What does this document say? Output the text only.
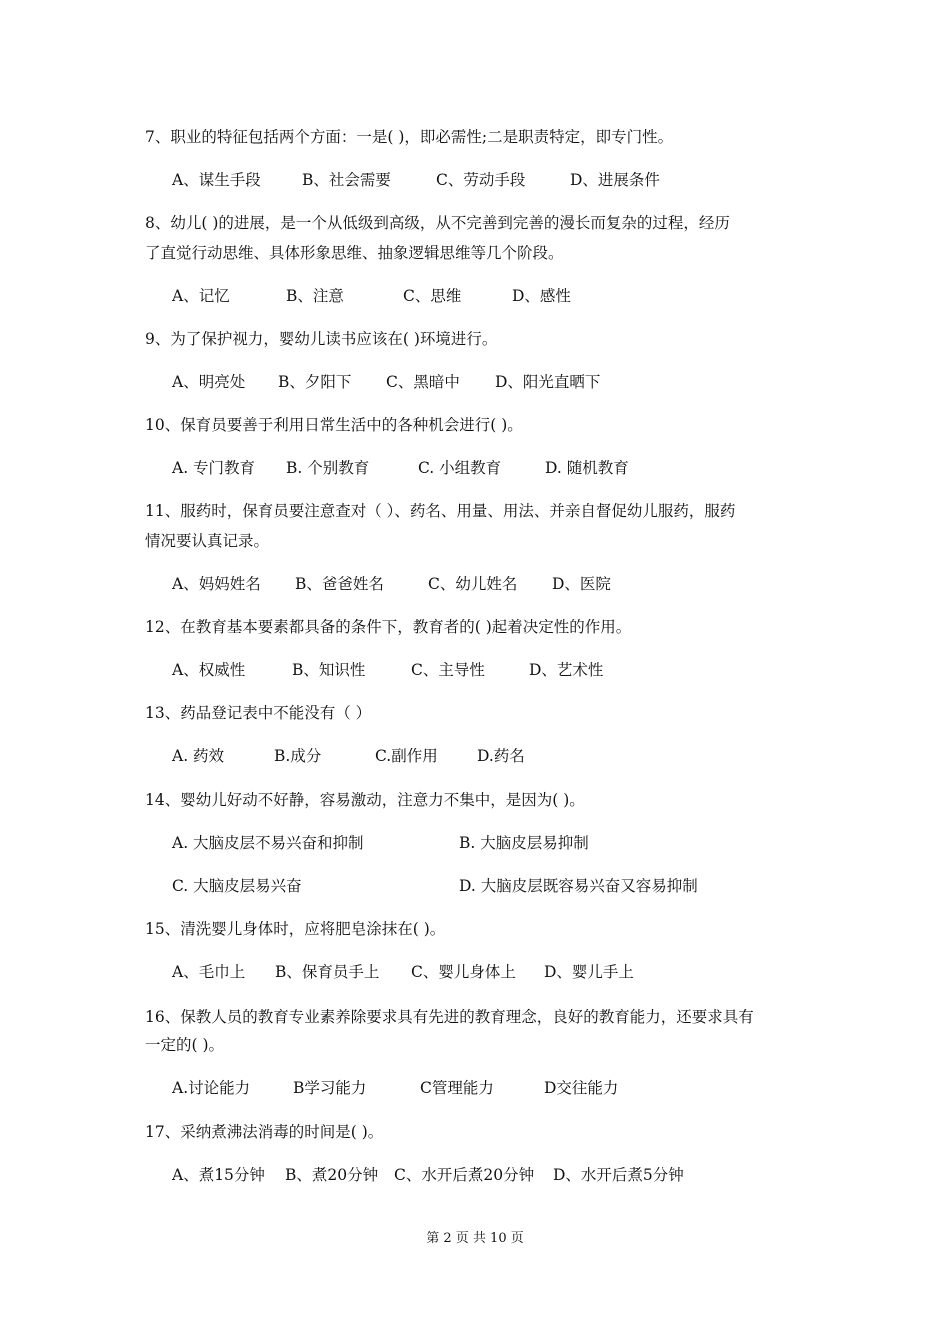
7、职业的特征包括两个方面：一是( )，即必需性;二是职责特定，即专门性。
A、谋生手段	B、社会需要	C、劳动手段	D、进展条件
8、幼儿( )的进展，是一个从低级到高级，从不完善到完善的漫长而复杂的过程，经历
了直觉行动思维、具体形象思维、抽象逻辑思维等几个阶段。
A、记忆	B、注意	C、思维	D、感性
9、为了保护视力，婴幼儿读书应该在( )环境进行。
A、明亮处 B、夕阳下 C、黑暗中 D、阳光直晒下
10、保育员要善于利用日常生活中的各种机会进行( )。
A. 专门教育 B. 个别教育	C. 小组教育	D. 随机教育
11、服药时，保育员要注意查对（ ）、药名、用量、用法、并亲自督促幼儿服药，服药
情况要认真记录。
A、妈妈姓名 B、爸爸姓名	C、幼儿姓名 D、医院
12、在教育基本要素都具备的条件下，教育者的( )起着决定性的作用。
A、权威性	B、知识性	C、主导性	D、艺术性
13、药品登记表中不能没有（ ）
A. 药效	B.成分	C.副作用	D.药名
14、婴幼儿好动不好静，容易激动，注意力不集中，是因为( )。
A. 大脑皮层不易兴奋和抑制	B. 大脑皮层易抑制
C. 大脑皮层易兴奋	D. 大脑皮层既容易兴奋又容易抑制
15、清洗婴儿身体时，应将肥皂涂抹在( )。
A、毛巾上 B、保育员手上 C、婴儿身体上 D、婴儿手上
16、保教人员的教育专业素养除要求具有先进的教育理念，良好的教育能力，还要求具有
一定的( )。
A.讨论能力	B学习能力	C管理能力	D交往能力
17、采纳煮沸法消毒的时间是( )。
A、煮15分钟 B、煮20分钟 C、水开后煮20分钟 D、水开后煮5分钟
第 2 页 共 10 页
